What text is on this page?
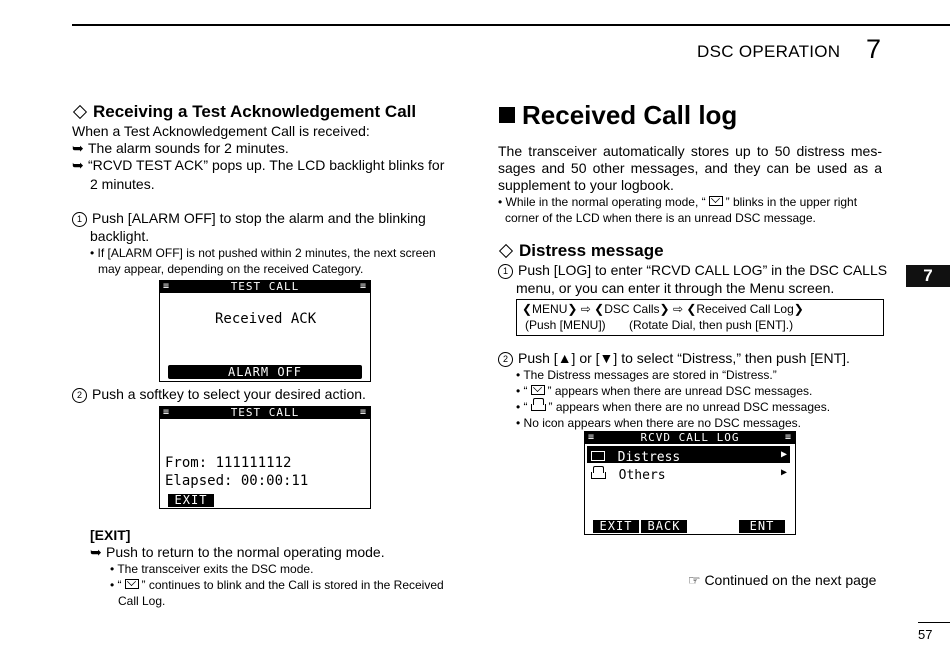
DSC OPERATION 7
7
Receiving a Test Acknowledgement Call
When a Test Acknowledgement Call is received:
➥ The alarm sounds for 2 minutes.
➥ “RCVD TEST ACK” pops up. The LCD backlight blinks for
2 minutes.
1 Push [ALARM OFF] to stop the alarm and the blinking
backlight.
• If [ALARM OFF] is not pushed within 2 minutes, the next screen
may appear, depending on the received Category.
≡	TEST CALL	≡
Received ACK
ALARM OFF
2 Push a softkey to select your desired action.
≡	TEST CALL	≡
From: 111111112
Elapsed: 00:00:11
EXIT
[EXIT]
➥ Push to return to the normal operating mode.
• The transceiver exits the DSC mode.
• “ ” continues to blink and the Call is stored in the Received
Call Log.
Received Call log
The transceiver automatically stores up to 50 distress mes-
sages and 50 other messages, and they can be used as a
supplement to your logbook.
• While in the normal operating mode, “ ” blinks in the upper right
corner of the LCD when there is an unread DSC message.
Distress message
1 Push [LOG] to enter “RCVD CALL LOG” in the DSC CALLS
menu, or you can enter it through the Menu screen.
❮MENU❯ ⇨ ❮DSC Calls❯ ⇨ ❮Received Call Log❯
(Push [MENU]) (Rotate Dial, then push [ENT].)
2 Push [▲] or [▼] to select “Distress,” then push [ENT].
• The Distress messages are stored in “Distress.”
• “ ” appears when there are unread DSC messages.
• “ ” appears when there are no unread DSC messages.
• No icon appears when there are no DSC messages.
≡	RCVD CALL LOG	≡
Distress	▶
Others	▶
EXIT	BACK	ENT
☞ Continued on the next page
57
